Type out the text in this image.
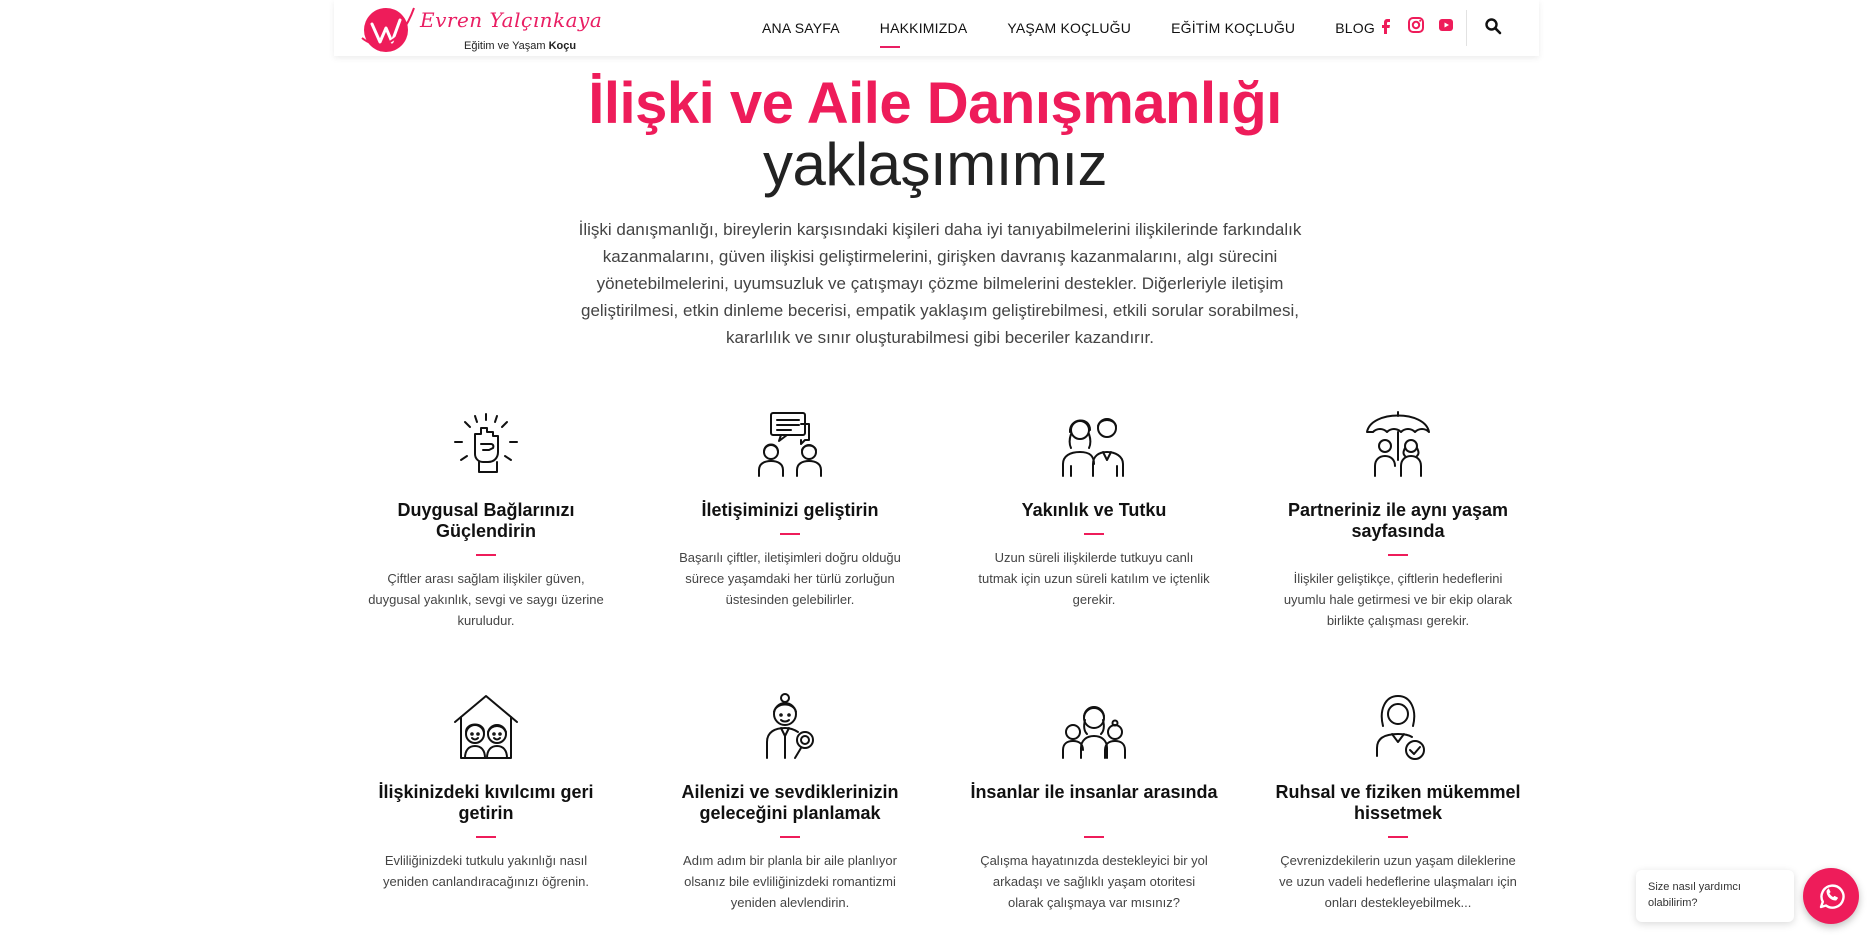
Evren Yalçınkaya
Eğitim ve Yaşam Koçu
ANA SAYFA	HAKKIMIZDA	YAŞAM KOÇLUĞU	EĞİTİM KOÇLUĞU	BLOG
İlişki ve Aile Danışmanlığı
yaklaşımımız

İlişki danışmanlığı, bireylerin karşısındaki kişileri daha iyi tanıyabilmelerini ilişkilerinde farkındalık kazanmalarını, güven ilişkisi geliştirmelerini, girişken davranış kazanmalarını, algı sürecini yönetebilmelerini, uyumsuzluk ve çatışmayı çözme bilmelerini destekler. Diğerleriyle iletişim geliştirilmesi, etkin dinleme becerisi, empatik yaklaşım geliştirebilmesi, etkili sorular sorabilmesi, kararlılık ve sınır oluşturabilmesi gibi beceriler kazandırır.

Duygusal Bağlarınızı Güçlendirin
Çiftler arası sağlam ilişkiler güven, duygusal yakınlık, sevgi ve saygı üzerine kuruludur.
İletişiminizi geliştirin
Başarılı çiftler, iletişimleri doğru olduğu sürece yaşamdaki her türlü zorluğun üstesinden gelebilirler.
Yakınlık ve Tutku
Uzun süreli ilişkilerde tutkuyu canlı tutmak için uzun süreli katılım ve içtenlik gerekir.
Partneriniz ile aynı yaşam sayfasında
İlişkiler geliştikçe, çiftlerin hedeflerini uyumlu hale getirmesi ve bir ekip olarak birlikte çalışması gerekir.
İlişkinizdeki kıvılcımı geri getirin
Evliliğinizdeki tutkulu yakınlığı nasıl yeniden canlandıracağınızı öğrenin.
Ailenizi ve sevdiklerinizin geleceğini planlamak
Adım adım bir planla bir aile planlıyor olsanız bile evliliğinizdeki romantizmi yeniden alevlendirin.
İnsanlar ile insanlar arasında
Çalışma hayatınızda destekleyici bir yol arkadaşı ve sağlıklı yaşam otoritesi olarak çalışmaya var mısınız?
Ruhsal ve fiziken mükemmel hissetmek
Çevrenizdekilerin uzun yaşam dileklerine ve uzun vadeli hedeflerine ulaşmaları için onları destekleyebilmek...
Size nasıl yardımcı olabilirim?
